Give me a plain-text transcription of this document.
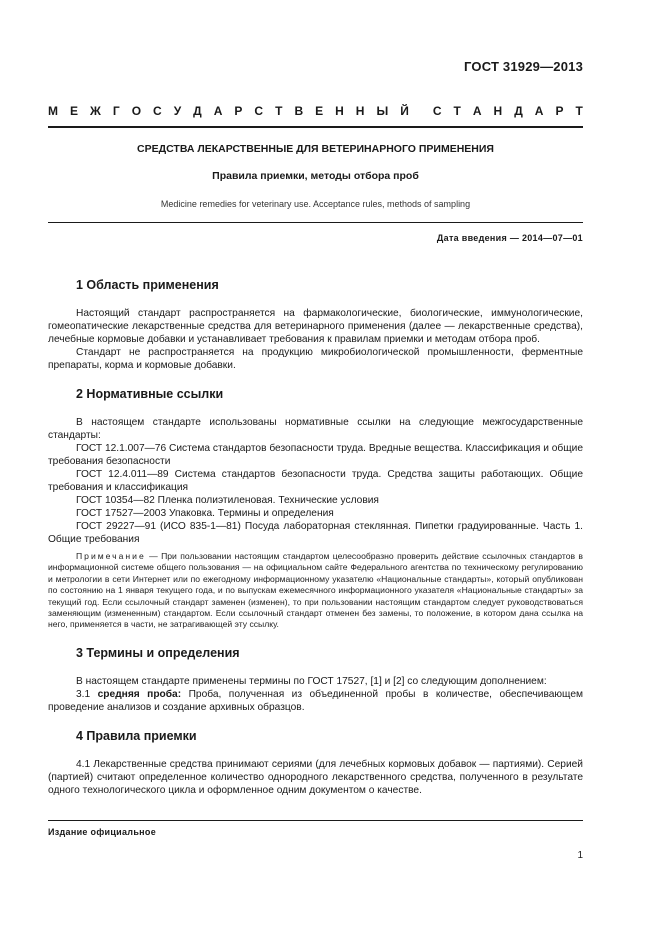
ГОСТ 31929—2013
М Е Ж Г О С У Д А Р С Т В Е Н Н Ы Й С Т А Н Д А Р Т
СРЕДСТВА ЛЕКАРСТВЕННЫЕ ДЛЯ ВЕТЕРИНАРНОГО ПРИМЕНЕНИЯ
Правила приемки, методы отбора проб
Medicine remedies for veterinary use. Acceptance rules, methods of sampling
Дата введения — 2014—07—01
1 Область применения

Настоящий стандарт распространяется на фармакологические, биологические, иммунологические, гомеопатические лекарственные средства для ветеринарного применения (далее — лекарственные средства), лечебные кормовые добавки и устанавливает требования к правилам приемки и методам отбора проб.

Стандарт не распространяется на продукцию микробиологической промышленности, ферментные препараты, корма и кормовые добавки.

2 Нормативные ссылки

В настоящем стандарте использованы нормативные ссылки на следующие межгосударственные стандарты:

ГОСТ 12.1.007—76 Система стандартов безопасности труда. Вредные вещества. Классификация и общие требования безопасности

ГОСТ 12.4.011—89 Система стандартов безопасности труда. Средства защиты работающих. Общие требования и классификация

ГОСТ 10354—82 Пленка полиэтиленовая. Технические условия

ГОСТ 17527—2003 Упаковка. Термины и определения

ГОСТ 29227—91 (ИСО 835-1—81) Посуда лабораторная стеклянная. Пипетки градуированные. Часть 1. Общие требования

Примечание — При пользовании настоящим стандартом целесообразно проверить действие ссылочных стандартов в информационной системе общего пользования — на официальном сайте Федерального агентства по техническому регулированию и метрологии в сети Интернет или по ежегодному информационному указателю «Национальные стандарты», который опубликован по состоянию на 1 января текущего года, и по выпускам ежемесячного информационного указателя «Национальные стандарты» за текущий год. Если ссылочный стандарт заменен (изменен), то при пользовании настоящим стандартом следует руководствоваться заменяющим (измененным) стандартом. Если ссылочный стандарт отменен без замены, то положение, в котором дана ссылка на него, применяется в части, не затрагивающей эту ссылку.

3 Термины и определения

В настоящем стандарте применены термины по ГОСТ 17527, [1] и [2] со следующим дополнением:

3.1 средняя проба: Проба, полученная из объединенной пробы в количестве, обеспечивающем проведение анализов и создание архивных образцов.

4 Правила приемки

4.1 Лекарственные средства принимают сериями (для лечебных кормовых добавок — партиями). Серией (партией) считают определенное количество однородного лекарственного средства, полученного в результате одного технологического цикла и оформленное одним документом о качестве.

Издание официальное
1
